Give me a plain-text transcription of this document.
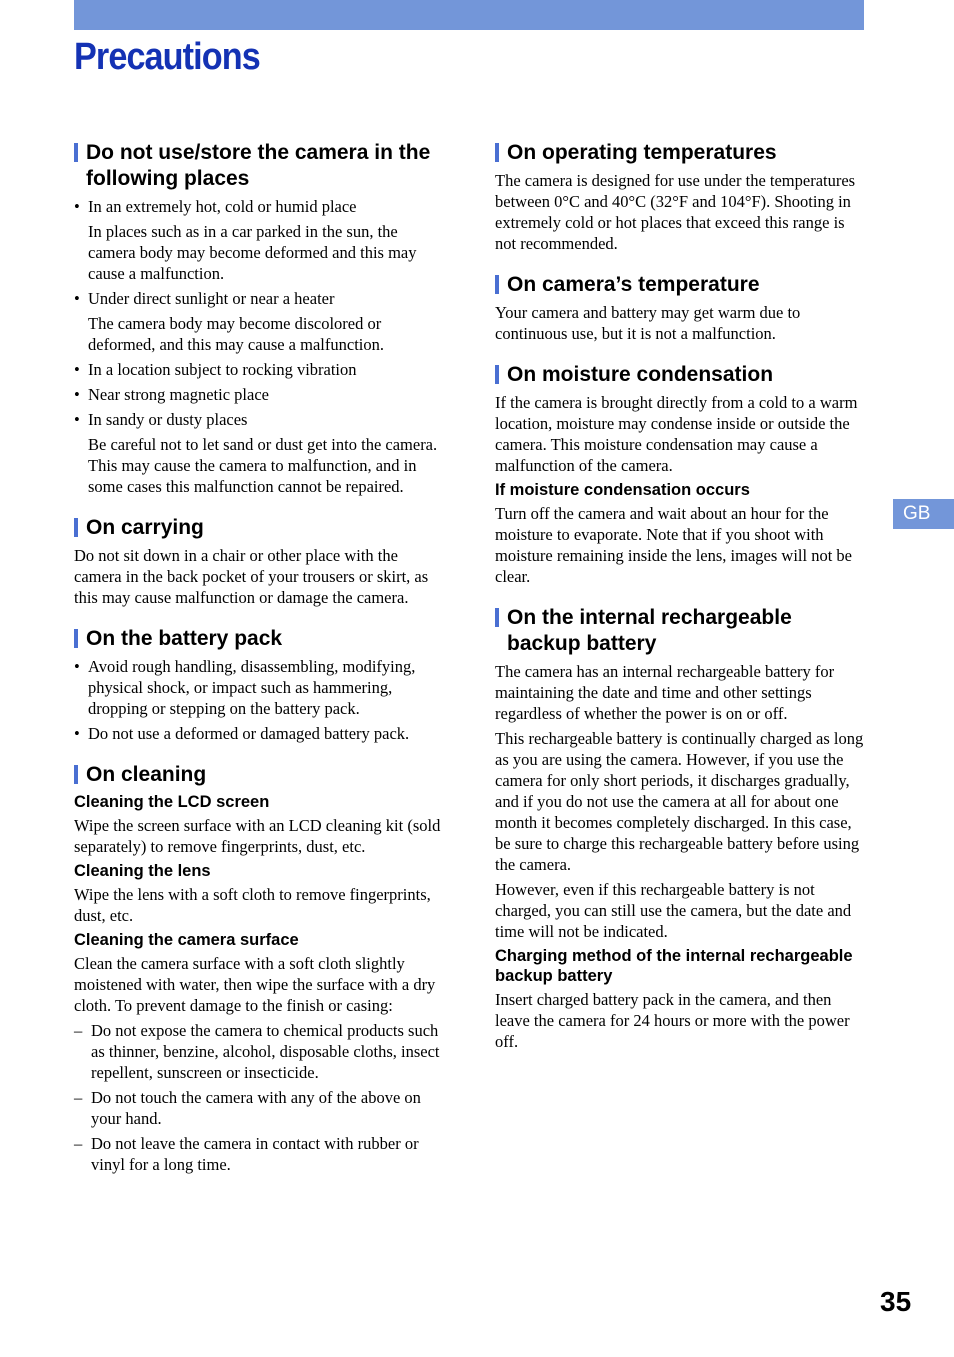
Precautions
Do not use/store the camera in the following places
• In an extremely hot, cold or humid place
In places such as in a car parked in the sun, the camera body may become deformed and this may cause a malfunction.
• Under direct sunlight or near a heater
The camera body may become discolored or deformed, and this may cause a malfunction.
• In a location subject to rocking vibration
• Near strong magnetic place
• In sandy or dusty places
Be careful not to let sand or dust get into the camera. This may cause the camera to malfunction, and in some cases this malfunction cannot be repaired.
On carrying

Do not sit down in a chair or other place with the camera in the back pocket of your trousers or skirt, as this may cause malfunction or damage the camera.

On the battery pack
• Avoid rough handling, disassembling, modifying, physical shock, or impact such as hammering, dropping or stepping on the battery pack.
• Do not use a deformed or damaged battery pack.
On cleaning
Cleaning the LCD screen

Wipe the screen surface with an LCD cleaning kit (sold separately) to remove fingerprints, dust, etc.

Cleaning the lens

Wipe the lens with a soft cloth to remove fingerprints, dust, etc.

Cleaning the camera surface

Clean the camera surface with a soft cloth slightly moistened with water, then wipe the surface with a dry cloth. To prevent damage to the finish or casing:

– Do not expose the camera to chemical products such as thinner, benzine, alcohol, disposable cloths, insect repellent, sunscreen or insecticide.
– Do not touch the camera with any of the above on your hand.
– Do not leave the camera in contact with rubber or vinyl for a long time.
On operating temperatures

The camera is designed for use under the temperatures between 0°C and 40°C (32°F and 104°F). Shooting in extremely cold or hot places that exceed this range is not recommended.

On camera’s temperature

Your camera and battery may get warm due to continuous use, but it is not a malfunction.

On moisture condensation

If the camera is brought directly from a cold to a warm location, moisture may condense inside or outside the camera. This moisture condensation may cause a malfunction of the camera.

If moisture condensation occurs

Turn off the camera and wait about an hour for the moisture to evaporate. Note that if you shoot with moisture remaining inside the lens, images will not be clear.

On the internal rechargeable backup battery

The camera has an internal rechargeable battery for maintaining the date and time and other settings regardless of whether the power is on or off.

This rechargeable battery is continually charged as long as you are using the camera. However, if you use the camera for only short periods, it discharges gradually, and if you do not use the camera at all for about one month it becomes completely discharged. In this case, be sure to charge this rechargeable battery before using the camera.

However, even if this rechargeable battery is not charged, you can still use the camera, but the date and time will not be indicated.

Charging method of the internal rechargeable backup battery

Insert charged battery pack in the camera, and then leave the camera for 24 hours or more with the power off.

GB
35
